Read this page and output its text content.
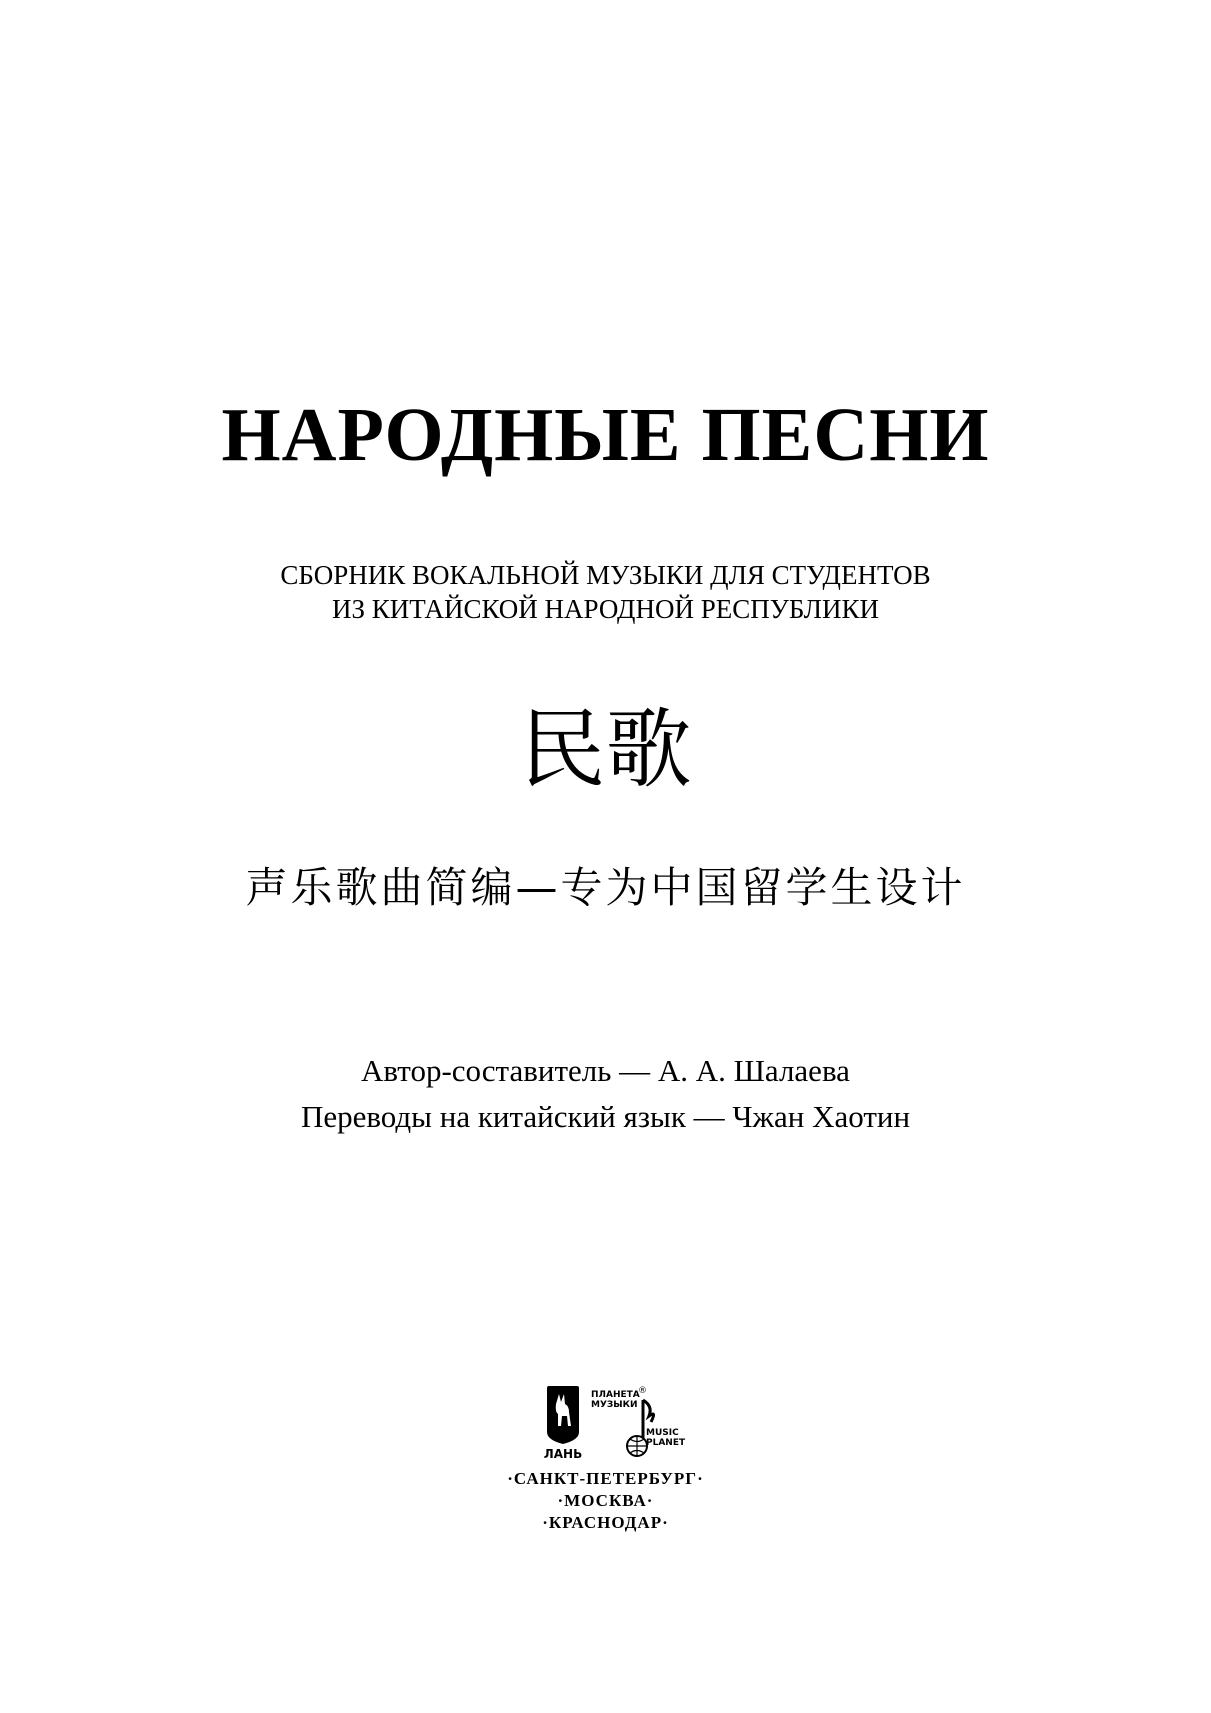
НАРОДНЫЕ ПЕСНИ
СБОРНИК ВОКАЛЬНОЙ МУЗЫКИ ДЛЯ СТУДЕНТОВ
ИЗ КИТАЙСКОЙ НАРОДНОЙ РЕСПУБЛИКИ
民歌
声乐歌曲简编—专为中国留学生设计
Автор-составитель — А. А. Шалаева
Переводы на китайский язык — Чжан Хаотин
ЛАНЬ
ПЛАНЕТА
МУЗЫКИ
®
MUSIC
PLANET
·САНКТ-ПЕТЕРБУРГ·
·МОСКВА·
·КРАСНОДАР·
